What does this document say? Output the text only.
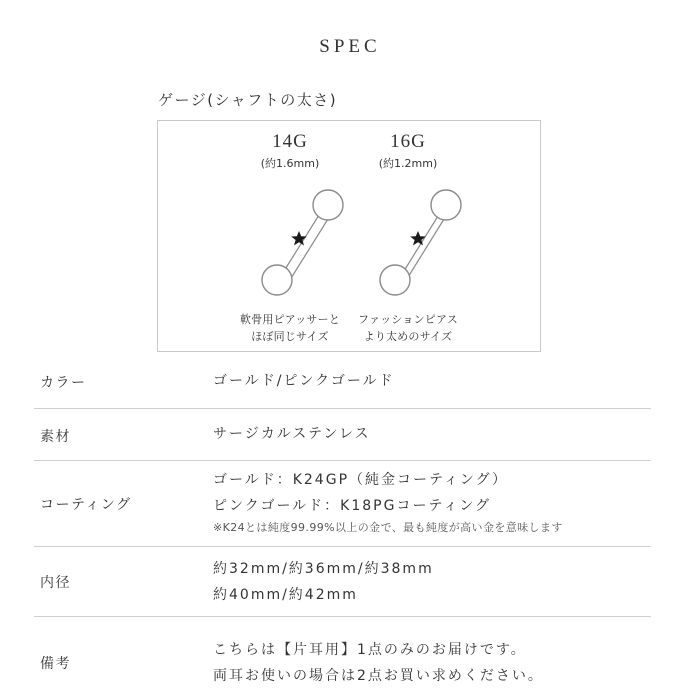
SPEC
ゲージ(シャフトの太さ)
14G
(約1.6mm)
軟骨用ピアッサーと
ほぼ同じサイズ
16G
(約1.2mm)
ファッションピアス
より太めのサイズ
カラー	ゴールド/ピンクゴールド
素材	サージカルステンレス
コーティング
ゴールド：K24GP（純金コーティング）
ピンクゴールド：K18PGコーティング
※K24とは純度99.99%以上の金で、最も純度が高い金を意味します
内径
約32mm/約36mm/約38mm
約40mm/約42mm
備考
こちらは【片耳用】1点のみのお届けです。
両耳お使いの場合は2点お買い求めください。
